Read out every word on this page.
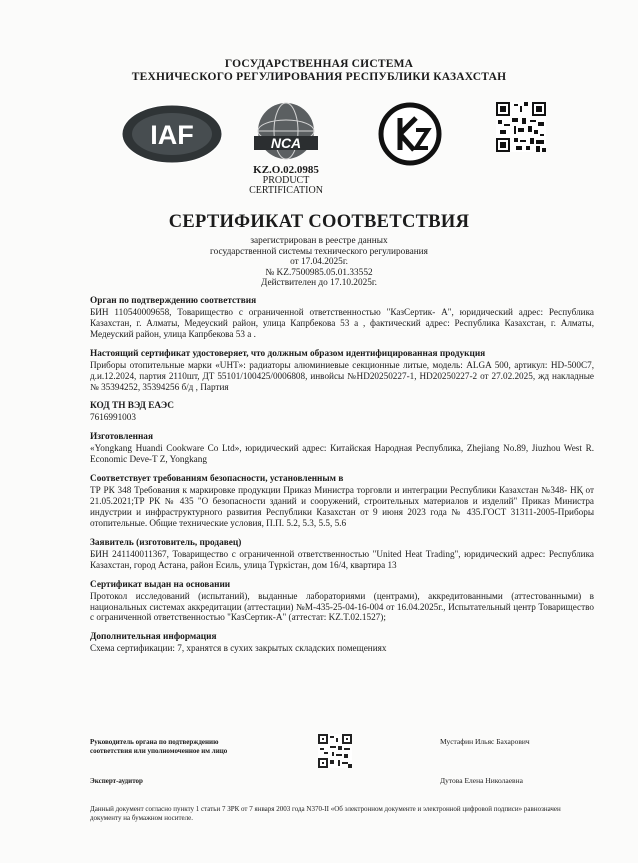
ГОСУДАРСТВЕННАЯ СИСТЕМА
ТЕХНИЧЕСКОГО РЕГУЛИРОВАНИЯ РЕСПУБЛИКИ КАЗАХСТАН
IAF	NCA
KZ.O.02.0985
PRODUCT
CERTIFICATION
СЕРТИФИКАТ СООТВЕТСТВИЯ
зарегистрирован в реестре данных
государственной системы технического регулирования
от 17.04.2025г.
№ KZ.7500985.05.01.33552
Действителен до 17.10.2025г.
Орган по подтверждению соответствия
БИН 110540009658, Товарищество с ограниченной ответственностью "КазСертик- А", юридический адрес: Республика Казахстан, г. Алматы, Медеуский район, улица Капрбекова 53 а , фактический адрес: Республика Казахстан, г. Алматы, Медеуский район, улица Капрбекова 53 а .
Настоящий сертификат удостоверяет, что должным образом идентифицированная продукция
Приборы отопительные марки «UHT»: радиаторы алюминиевые секционные литые, модель: ALGA 500, артикул: HD-500C7, д.и.12.2024, партия 2110шт, ДТ 55101/100425/0006808, инвойсы №HD20250227-1, HD20250227-2 от 27.02.2025, жд накладные № 35394252, 35394256 б/д , Партия
КОД ТН ВЭД ЕАЭС
7616991003
Изготовленная
«Yongkang Huandi Cookware Co Ltd», юридический адрес: Китайская Народная Республика, Zhejiang No.89, Jiuzhou West R. Economic Deve-T Z, Yongkang
Соответствует требованиям безопасности, установленным в
ТР РК 348 Требования к маркировке продукции Приказ Министра торговли и интеграции Республики Казахстан №348- НҚ от 21.05.2021;ТР РК № 435 "О безопасности зданий и сооружений, строительных материалов и изделий" Приказ Министра индустрии и инфраструктурного развития Республики Казахстан от 9 июня 2023 года № 435.ГОСТ 31311-2005-Приборы отопительные. Общие технические условия, П.П. 5.2, 5.3, 5.5, 5.6
Заявитель (изготовитель, продавец)
БИН 241140011367, Товарищество с ограниченной ответственностью "United Heat Trading", юридический адрес: Республика Казахстан, город Астана, район Есиль, улица Түркістан, дом 16/4, квартира 13
Сертификат выдан на основании
Протокол исследований (испытаний), выданные лабораториями (центрами), аккредитованными (аттестованными) в национальных системах аккредитации (аттестации) №М-435-25-04-16-004 от 16.04.2025г., Испытательный центр Товарищество с ограниченной ответственностью "КазСертик-А" (аттестат: KZ.T.02.1527);
Дополнительная информация
Схема сертификации: 7, хранятся в сухих закрытых складских помещениях
Руководитель органа по подтверждению соответствия или уполномоченное им лицо
Мустафин Ильяс Бахарович
Эксперт-аудитор	Дутова Елена Николаевна
Данный документ согласно пункту 1 статьи 7 ЗРК от 7 января 2003 года N370-II «Об электронном документе и электронной цифровой подписи» равнозначен документу на бумажном носителе.
